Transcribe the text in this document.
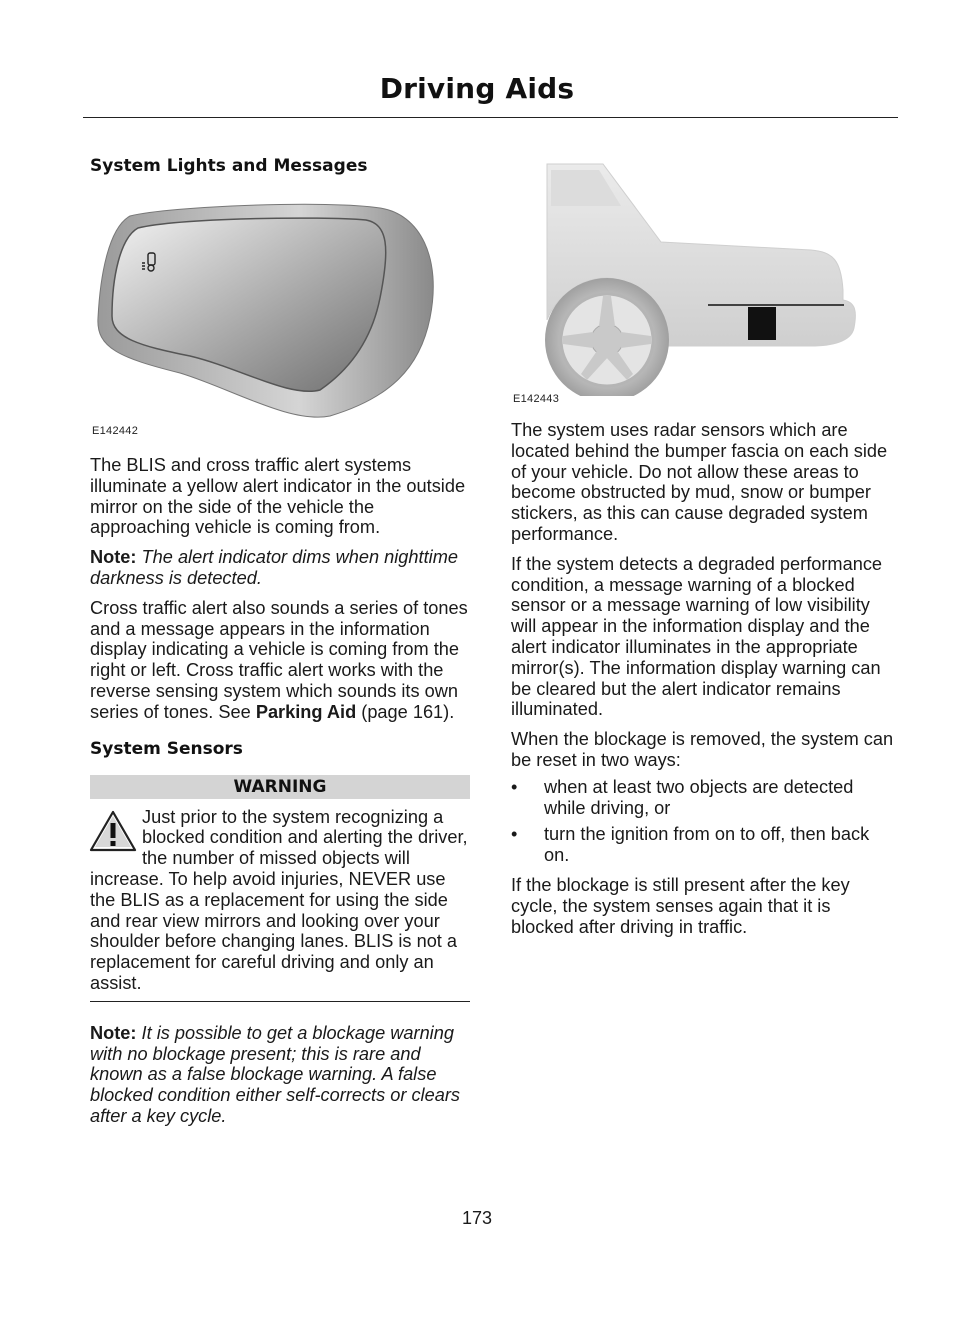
Driving Aids
System Lights and Messages
E142442

The BLIS and cross traffic alert systems illuminate a yellow alert indicator in the outside mirror on the side of the vehicle the approaching vehicle is coming from.

Note: The alert indicator dims when nighttime darkness is detected.

Cross traffic alert also sounds a series of tones and a message appears in the information display indicating a vehicle is coming from the right or left. Cross traffic alert works with the reverse sensing system which sounds its own series of tones. See Parking Aid (page 161).

System Sensors
WARNING

Just prior to the system recognizing a blocked condition and alerting the driver, the number of missed objects will increase. To help avoid injuries, NEVER use the BLIS as a replacement for using the side and rear view mirrors and looking over your shoulder before changing lanes. BLIS is not a replacement for careful driving and only an assist.

Note: It is possible to get a blockage warning with no blockage present; this is rare and known as a false blockage warning. A false blocked condition either self-corrects or clears after a key cycle.

E142443

The system uses radar sensors which are located behind the bumper fascia on each side of your vehicle. Do not allow these areas to become obstructed by mud, snow or bumper stickers, as this can cause degraded system performance.

If the system detects a degraded performance condition, a message warning of a blocked sensor or a message warning of low visibility will appear in the information display and the alert indicator illuminates in the appropriate mirror(s). The information display warning can be cleared but the alert indicator remains illuminated.

When the blockage is removed, the system can be reset in two ways:

• when at least two objects are detected while driving, or
• turn the ignition from on to off, then back on.

If the blockage is still present after the key cycle, the system senses again that it is blocked after driving in traffic.

173
